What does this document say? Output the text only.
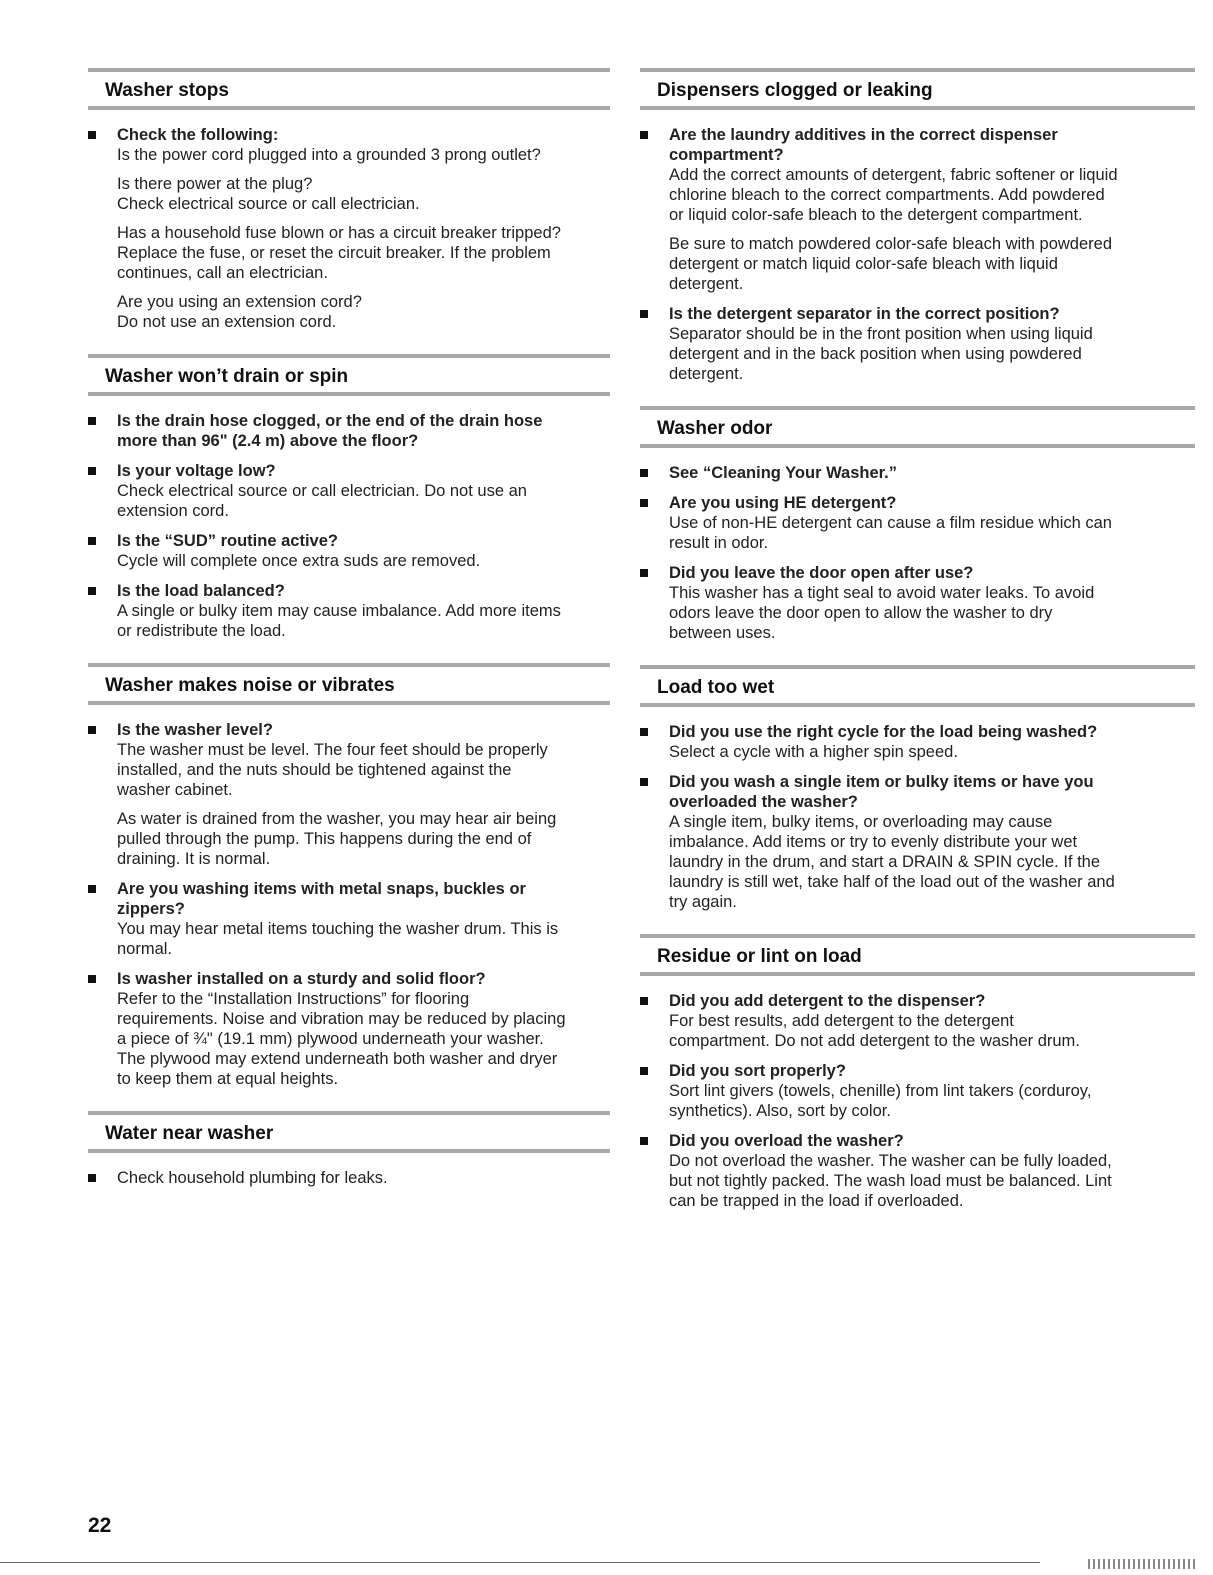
Washer stops
Check the following:
Is the power cord plugged into a grounded 3 prong outlet?
Is there power at the plug?
Check electrical source or call electrician.
Has a household fuse blown or has a circuit breaker tripped?
Replace the fuse, or reset the circuit breaker. If the problem
continues, call an electrician.
Are you using an extension cord?
Do not use an extension cord.
Washer won’t drain or spin
Is the drain hose clogged, or the end of the drain hose
more than 96" (2.4 m) above the floor?
Is your voltage low?
Check electrical source or call electrician. Do not use an
extension cord.
Is the “SUD” routine active?
Cycle will complete once extra suds are removed.
Is the load balanced?
A single or bulky item may cause imbalance. Add more items
or redistribute the load.
Washer makes noise or vibrates
Is the washer level?
The washer must be level. The four feet should be properly
installed, and the nuts should be tightened against the
washer cabinet.
As water is drained from the washer, you may hear air being
pulled through the pump. This happens during the end of
draining. It is normal.
Are you washing items with metal snaps, buckles or
zippers?
You may hear metal items touching the washer drum. This is
normal.
Is washer installed on a sturdy and solid floor?
Refer to the “Installation Instructions” for flooring
requirements. Noise and vibration may be reduced by placing
a piece of ¾" (19.1 mm) plywood underneath your washer.
The plywood may extend underneath both washer and dryer
to keep them at equal heights.
Water near washer
Check household plumbing for leaks.
Dispensers clogged or leaking
Are the laundry additives in the correct dispenser
compartment?
Add the correct amounts of detergent, fabric softener or liquid
chlorine bleach to the correct compartments. Add powdered
or liquid color-safe bleach to the detergent compartment.
Be sure to match powdered color-safe bleach with powdered
detergent or match liquid color-safe bleach with liquid
detergent.
Is the detergent separator in the correct position?
Separator should be in the front position when using liquid
detergent and in the back position when using powdered
detergent.
Washer odor
See “Cleaning Your Washer.”
Are you using HE detergent?
Use of non-HE detergent can cause a film residue which can
result in odor.
Did you leave the door open after use?
This washer has a tight seal to avoid water leaks. To avoid
odors leave the door open to allow the washer to dry
between uses.
Load too wet
Did you use the right cycle for the load being washed?
Select a cycle with a higher spin speed.
Did you wash a single item or bulky items or have you
overloaded the washer?
A single item, bulky items, or overloading may cause
imbalance. Add items or try to evenly distribute your wet
laundry in the drum, and start a DRAIN & SPIN cycle. If the
laundry is still wet, take half of the load out of the washer and
try again.
Residue or lint on load
Did you add detergent to the dispenser?
For best results, add detergent to the detergent
compartment. Do not add detergent to the washer drum.
Did you sort properly?
Sort lint givers (towels, chenille) from lint takers (corduroy,
synthetics). Also, sort by color.
Did you overload the washer?
Do not overload the washer. The washer can be fully loaded,
but not tightly packed. The wash load must be balanced. Lint
can be trapped in the load if overloaded.
22
